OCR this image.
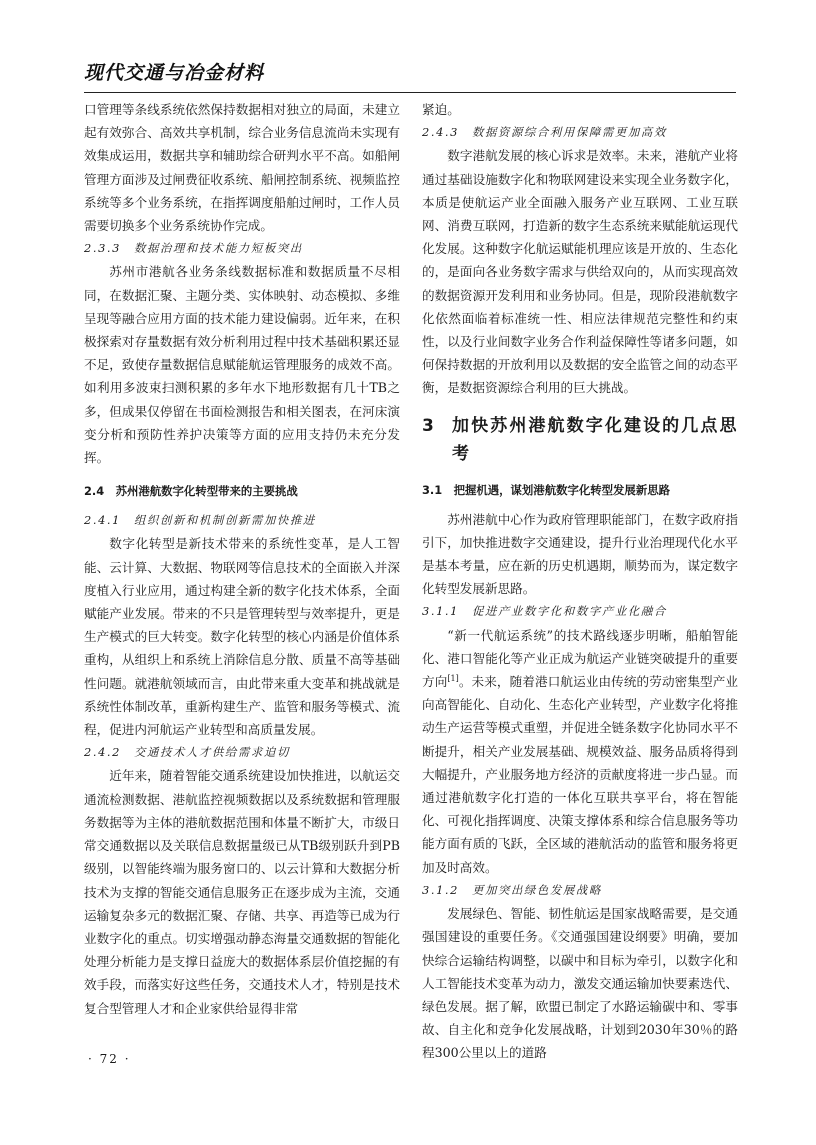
现代交通与冶金材料

口管理等条线系统依然保持数据相对独立的局面，未建立起有效弥合、高效共享机制，综合业务信息流尚未实现有效集成运用，数据共享和辅助综合研判水平不高。如船闸管理方面涉及过闸费征收系统、船闸控制系统、视频监控系统等多个业务系统，在指挥调度船舶过闸时，工作人员需要切换多个业务系统协作完成。

2.3.3　数据治理和技术能力短板突出

苏州市港航各业务条线数据标准和数据质量不尽相同，在数据汇聚、主题分类、实体映射、动态模拟、多维呈现等融合应用方面的技术能力建设偏弱。近年来，在积极探索对存量数据有效分析利用过程中技术基础积累还显不足，致使存量数据信息赋能航运管理服务的成效不高。如利用多波束扫测积累的多年水下地形数据有几十TB之多，但成果仅停留在书面检测报告和相关图表，在河床演变分析和预防性养护决策等方面的应用支持仍未充分发挥。

2.4　苏州港航数字化转型带来的主要挑战
2.4.1　组织创新和机制创新需加快推进

数字化转型是新技术带来的系统性变革，是人工智能、云计算、大数据、物联网等信息技术的全面嵌入并深度植入行业应用，通过构建全新的数字化技术体系，全面赋能产业发展。带来的不只是管理转型与效率提升，更是生产模式的巨大转变。数字化转型的核心内涵是价值体系重构，从组织上和系统上消除信息分散、质量不高等基础性问题。就港航领域而言，由此带来重大变革和挑战就是系统性体制改革，重新构建生产、监管和服务等模式、流程，促进内河航运产业转型和高质量发展。

2.4.2　交通技术人才供给需求迫切

近年来，随着智能交通系统建设加快推进，以航运交通流检测数据、港航监控视频数据以及系统数据和管理服务数据等为主体的港航数据范围和体量不断扩大，市级日常交通数据以及关联信息数据量级已从TB级别跃升到PB级别，以智能终端为服务窗口的、以云计算和大数据分析技术为支撑的智能交通信息服务正在逐步成为主流，交通运输复杂多元的数据汇聚、存储、共享、再造等已成为行业数字化的重点。切实增强动静态海量交通数据的智能化处理分析能力是支撑日益庞大的数据体系层价值挖掘的有效手段，而落实好这些任务，交通技术人才，特别是技术复合型管理人才和企业家供给显得非常

紧迫。

2.4.3　数据资源综合利用保障需更加高效

数字港航发展的核心诉求是效率。未来，港航产业将通过基础设施数字化和物联网建设来实现全业务数字化，本质是使航运产业全面融入服务产业互联网、工业互联网、消费互联网，打造新的数字生态系统来赋能航运现代化发展。这种数字化航运赋能机理应该是开放的、生态化的，是面向各业务数字需求与供给双向的，从而实现高效的数据资源开发利用和业务协同。但是，现阶段港航数字化依然面临着标准统一性、相应法律规范完整性和约束性，以及行业间数字业务合作利益保障性等诸多问题，如何保持数据的开放利用以及数据的安全监管之间的动态平衡，是数据资源综合利用的巨大挑战。

3 加快苏州港航数字化建设的几点思考
3.1　把握机遇，谋划港航数字化转型发展新思路

苏州港航中心作为政府管理职能部门，在数字政府指引下，加快推进数字交通建设，提升行业治理现代化水平是基本考量，应在新的历史机遇期，顺势而为，谋定数字化转型发展新思路。

3.1.1　促进产业数字化和数字产业化融合

“新一代航运系统”的技术路线逐步明晰，船舶智能化、港口智能化等产业正成为航运产业链突破提升的重要方向[1]。未来，随着港口航运业由传统的劳动密集型产业向高智能化、自动化、生态化产业转型，产业数字化将推动生产运营等模式重塑，并促进全链条数字化协同水平不断提升，相关产业发展基础、规模效益、服务品质将得到大幅提升，产业服务地方经济的贡献度将进一步凸显。而通过港航数字化打造的一体化互联共享平台，将在智能化、可视化指挥调度、决策支撑体系和综合信息服务等功能方面有质的飞跃，全区域的港航活动的监管和服务将更加及时高效。

3.1.2　更加突出绿色发展战略

发展绿色、智能、韧性航运是国家战略需要，是交通强国建设的重要任务。《交通强国建设纲要》明确，要加快综合运输结构调整，以碳中和目标为牵引，以数字化和人工智能技术变革为动力，激发交通运输加快要素迭代、绿色发展。据了解，欧盟已制定了水路运输碳中和、零事故、自主化和竞争化发展战略，计划到2030年30％的路程300公里以上的道路

· 72 ·
